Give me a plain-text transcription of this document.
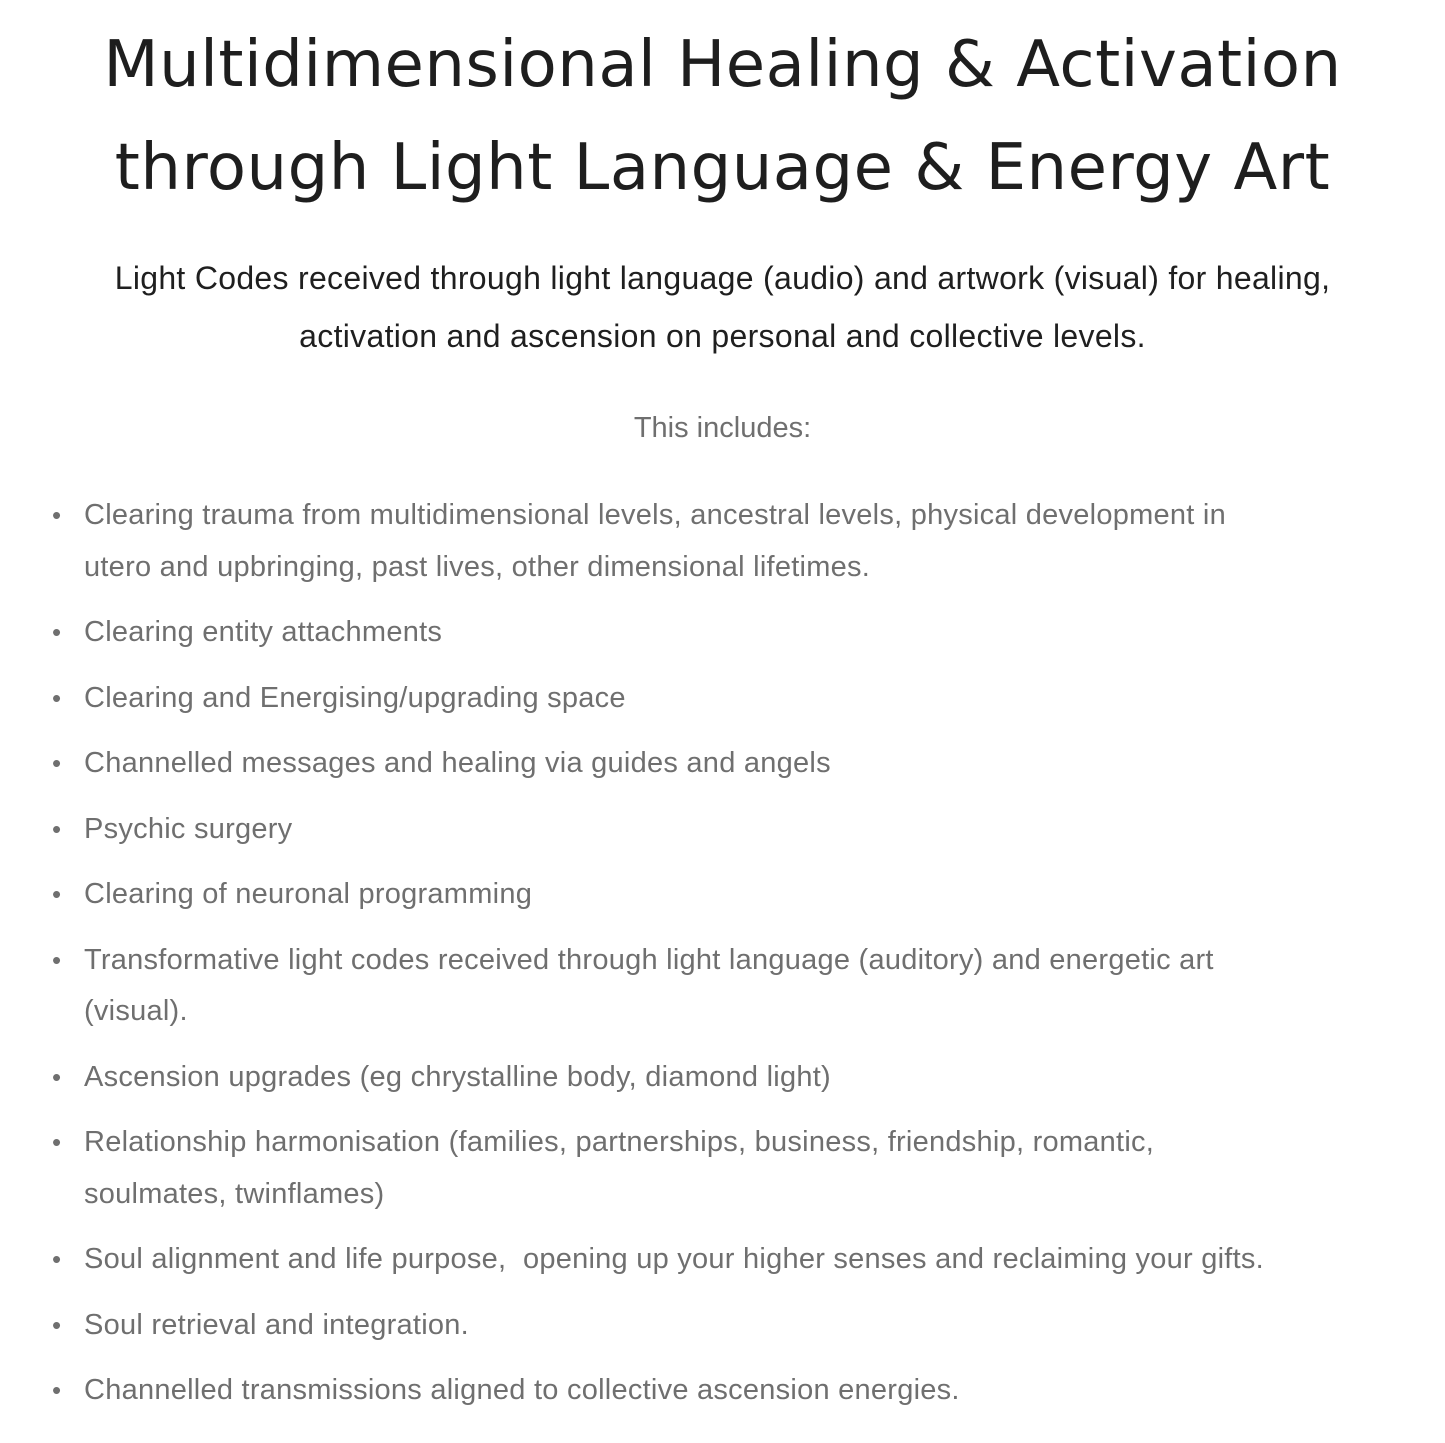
Multidimensional Healing & Activation
through Light Language & Energy Art

Light Codes received through light language (audio) and artwork (visual) for healing,
activation and ascension on personal and collective levels.

This includes:

• Clearing trauma from multidimensional levels, ancestral levels, physical development in
utero and upbringing, past lives, other dimensional lifetimes.
• Clearing entity attachments
• Clearing and Energising/upgrading space
• Channelled messages and healing via guides and angels
• Psychic surgery
• Clearing of neuronal programming
• Transformative light codes received through light language (auditory) and energetic art
(visual).
• Ascension upgrades (eg chrystalline body, diamond light)
• Relationship harmonisation (families, partnerships, business, friendship, romantic,
soulmates, twinflames)
• Soul alignment and life purpose,  opening up your higher senses and reclaiming your gifts.
• Soul retrieval and integration.
• Channelled transmissions aligned to collective ascension energies.
